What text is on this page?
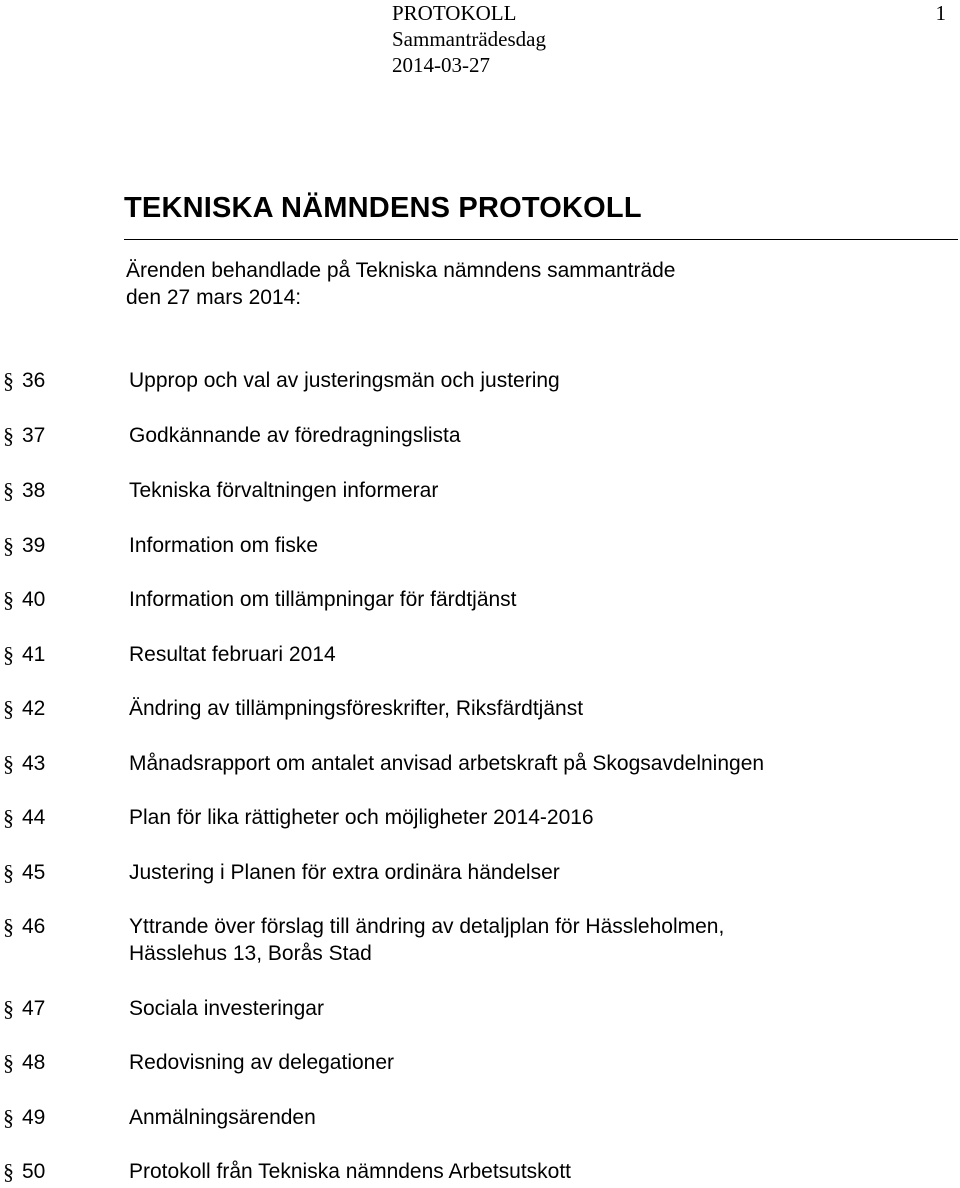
PROTOKOLL
Sammanträdesdag
2014-03-27
1
TEKNISKA NÄMNDENS PROTOKOLL
Ärenden behandlade på Tekniska nämndens sammanträde
den 27 mars 2014:
§ 36	Upprop och val av justeringsmän och justering
§ 37	Godkännande av föredragningslista
§ 38	Tekniska förvaltningen informerar
§ 39	Information om fiske
§ 40	Information om tillämpningar för färdtjänst
§ 41	Resultat februari 2014
§ 42	Ändring av tillämpningsföreskrifter, Riksfärdtjänst
§ 43	Månadsrapport om antalet anvisad arbetskraft på Skogsavdelningen
§ 44	Plan för lika rättigheter och möjligheter 2014-2016
§ 45	Justering i Planen för extra ordinära händelser
§ 46	Yttrande över förslag till ändring av detaljplan för Hässleholmen, Hässlehus 13, Borås Stad
§ 47	Sociala investeringar
§ 48	Redovisning av delegationer
§ 49	Anmälningsärenden
§ 50	Protokoll från Tekniska nämndens Arbetsutskott
